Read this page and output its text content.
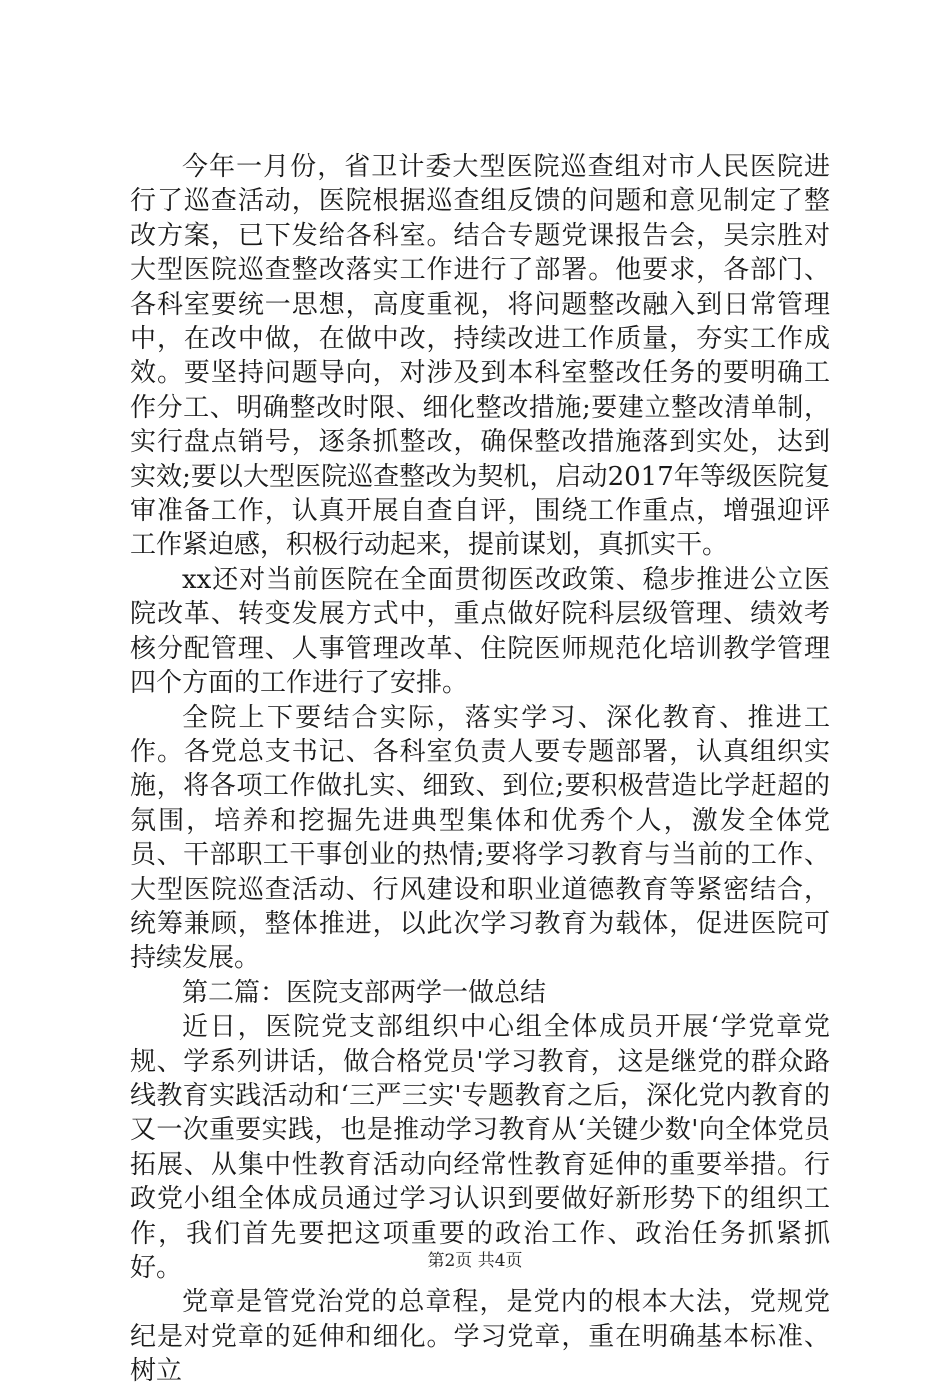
今年一月份，省卫计委大型医院巡查组对市人民医院进行了巡查活动，医院根据巡查组反馈的问题和意见制定了整改方案，已下发给各科室。结合专题党课报告会，吴宗胜对大型医院巡查整改落实工作进行了部署。他要求，各部门、各科室要统一思想，高度重视，将问题整改融入到日常管理中，在改中做，在做中改，持续改进工作质量，夯实工作成效。要坚持问题导向，对涉及到本科室整改任务的要明确工作分工、明确整改时限、细化整改措施;要建立整改清单制，实行盘点销号，逐条抓整改，确保整改措施落到实处，达到实效;要以大型医院巡查整改为契机，启动2017年等级医院复审准备工作，认真开展自查自评，围绕工作重点，增强迎评工作紧迫感，积极行动起来，提前谋划，真抓实干。

xx还对当前医院在全面贯彻医改政策、稳步推进公立医院改革、转变发展方式中，重点做好院科层级管理、绩效考核分配管理、人事管理改革、住院医师规范化培训教学管理四个方面的工作进行了安排。

全院上下要结合实际，落实学习、深化教育、推进工作。各党总支书记、各科室负责人要专题部署，认真组织实施，将各项工作做扎实、细致、到位;要积极营造比学赶超的氛围，培养和挖掘先进典型集体和优秀个人，激发全体党员、干部职工干事创业的热情;要将学习教育与当前的工作、大型医院巡查活动、行风建设和职业道德教育等紧密结合，统筹兼顾，整体推进，以此次学习教育为载体，促进医院可持续发展。

第二篇：医院支部两学一做总结

近日，医院党支部组织中心组全体成员开展‘学党章党规、学系列讲话，做合格党员'学习教育，这是继党的群众路线教育实践活动和‘三严三实'专题教育之后，深化党内教育的又一次重要实践，也是推动学习教育从‘关键少数'向全体党员拓展、从集中性教育活动向经常性教育延伸的重要举措。行政党小组全体成员通过学习认识到要做好新形势下的组织工作，我们首先要把这项重要的政治工作、政治任务抓紧抓好。

党章是管党治党的总章程，是党内的根本大法，党规党纪是对党章的延伸和细化。学习党章，重在明确基本标准、树立

第2页 共4页
